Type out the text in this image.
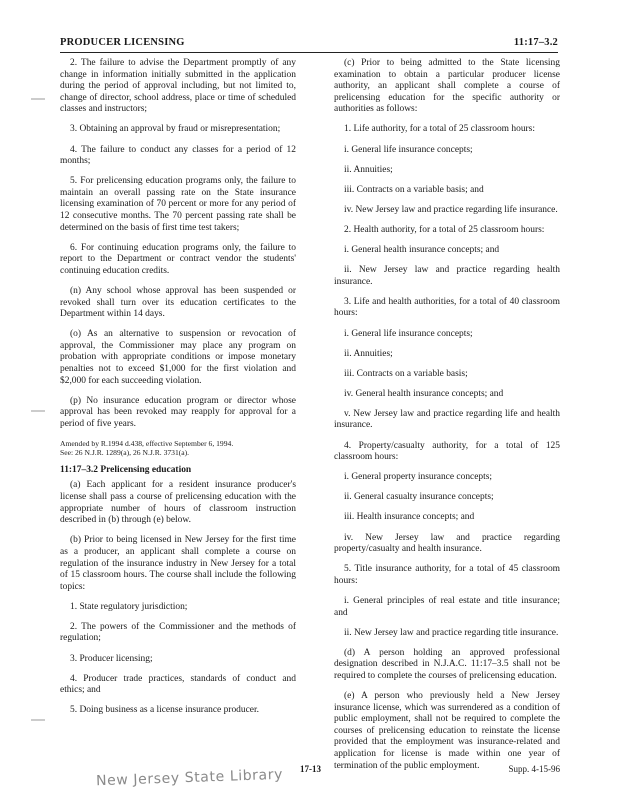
PRODUCER LICENSING	11:17–3.2

2. The failure to advise the Department promptly of any change in information initially submitted in the application during the period of approval including, but not limited to, change of director, school address, place or time of scheduled classes and instructors;

3. Obtaining an approval by fraud or misrepresentation;

4. The failure to conduct any classes for a period of 12 months;

5. For prelicensing education programs only, the failure to maintain an overall passing rate on the State insurance licensing examination of 70 percent or more for any period of 12 consecutive months. The 70 percent passing rate shall be determined on the basis of first time test takers;

6. For continuing education programs only, the failure to report to the Department or contract vendor the students' continuing education credits.

(n) Any school whose approval has been suspended or revoked shall turn over its education certificates to the Department within 14 days.

(o) As an alternative to suspension or revocation of approval, the Commissioner may place any program on probation with appropriate conditions or impose monetary penalties not to exceed $1,000 for the first violation and $2,000 for each succeeding violation.

(p) No insurance education program or director whose approval has been revoked may reapply for approval for a period of five years.

Amended by R.1994 d.438, effective September 6, 1994.
See: 26 N.J.R. 1289(a), 26 N.J.R. 3731(a).

11:17–3.2 Prelicensing education

(a) Each applicant for a resident insurance producer's license shall pass a course of prelicensing education with the appropriate number of hours of classroom instruction described in (b) through (e) below.

(b) Prior to being licensed in New Jersey for the first time as a producer, an applicant shall complete a course on regulation of the insurance industry in New Jersey for a total of 15 classroom hours. The course shall include the following topics:

1. State regulatory jurisdiction;

2. The powers of the Commissioner and the methods of regulation;

3. Producer licensing;

4. Producer trade practices, standards of conduct and ethics; and

5. Doing business as a license insurance producer.

(c) Prior to being admitted to the State licensing examination to obtain a particular producer license authority, an applicant shall complete a course of prelicensing education for the specific authority or authorities as follows:

1. Life authority, for a total of 25 classroom hours:

i. General life insurance concepts;

ii. Annuities;

iii. Contracts on a variable basis; and

iv. New Jersey law and practice regarding life insurance.

2. Health authority, for a total of 25 classroom hours:

i. General health insurance concepts; and

ii. New Jersey law and practice regarding health insurance.

3. Life and health authorities, for a total of 40 classroom hours:

i. General life insurance concepts;

ii. Annuities;

iii. Contracts on a variable basis;

iv. General health insurance concepts; and

v. New Jersey law and practice regarding life and health insurance.

4. Property/casualty authority, for a total of 125 classroom hours:

i. General property insurance concepts;

ii. General casualty insurance concepts;

iii. Health insurance concepts; and

iv. New Jersey law and practice regarding property/casualty and health insurance.

5. Title insurance authority, for a total of 45 classroom hours:

i. General principles of real estate and title insurance; and

ii. New Jersey law and practice regarding title insurance.

(d) A person holding an approved professional designation described in N.J.A.C. 11:17–3.5 shall not be required to complete the courses of prelicensing education.

(e) A person who previously held a New Jersey insurance license, which was surrendered as a condition of public employment, shall not be required to complete the courses of prelicensing education to reinstate the license provided that the employment was insurance-related and application for license is made within one year of termination of the public employment.

17-13	Supp. 4-15-96
New Jersey State Library
